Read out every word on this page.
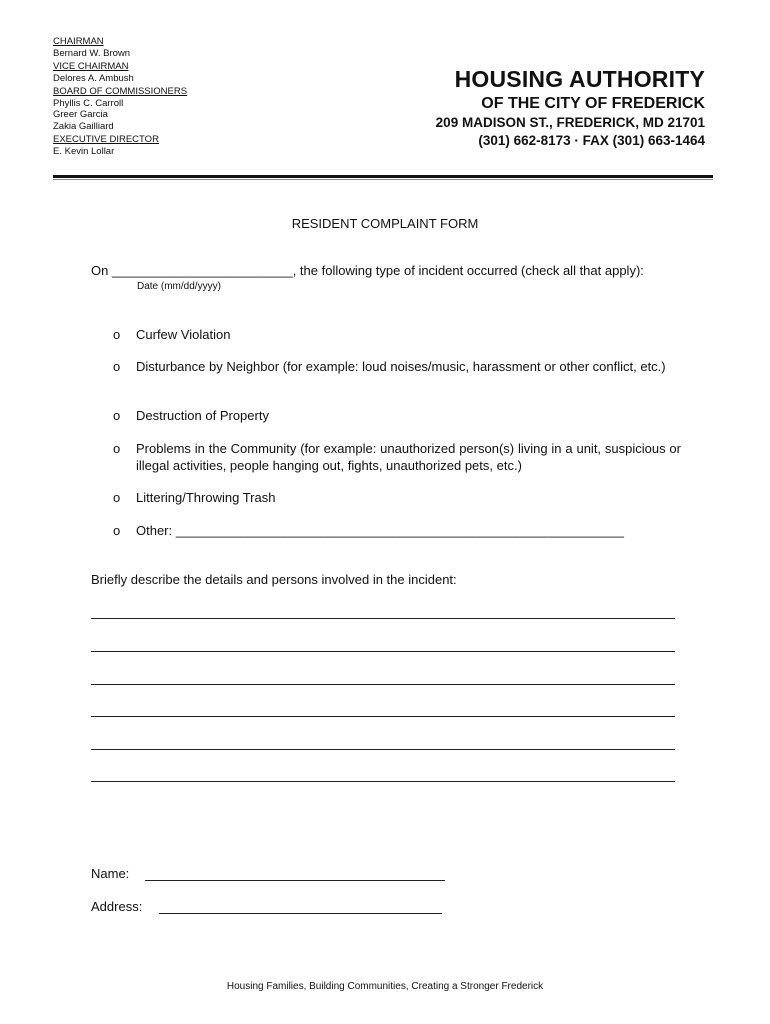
CHAIRMAN
Bernard W. Brown
VICE CHAIRMAN
Delores A. Ambush
BOARD OF COMMISSIONERS
Phyllis C. Carroll
Greer Garcia
Zakia Gailliard
EXECUTIVE DIRECTOR
E. Kevin Lollar
HOUSING AUTHORITY
OF THE CITY OF FREDERICK
209 MADISON ST., FREDERICK, MD 21701
(301) 662-8173 · FAX (301) 663-1464
RESIDENT COMPLAINT FORM
On _________________________, the following type of incident occurred (check all that apply):
Date (mm/dd/yyyy)
o	Curfew Violation
o	Disturbance by Neighbor (for example: loud noises/music, harassment or other conflict, etc.)
o	Destruction of Property
o	Problems in the Community (for example: unauthorized person(s) living in a unit, suspicious or illegal activities, people hanging out, fights, unauthorized pets, etc.)
o	Littering/Throwing Trash
o	Other: ______________________________________________________________
Briefly describe the details and persons involved in the incident:
Name:
Address:
Housing Families, Building Communities, Creating a Stronger Frederick
